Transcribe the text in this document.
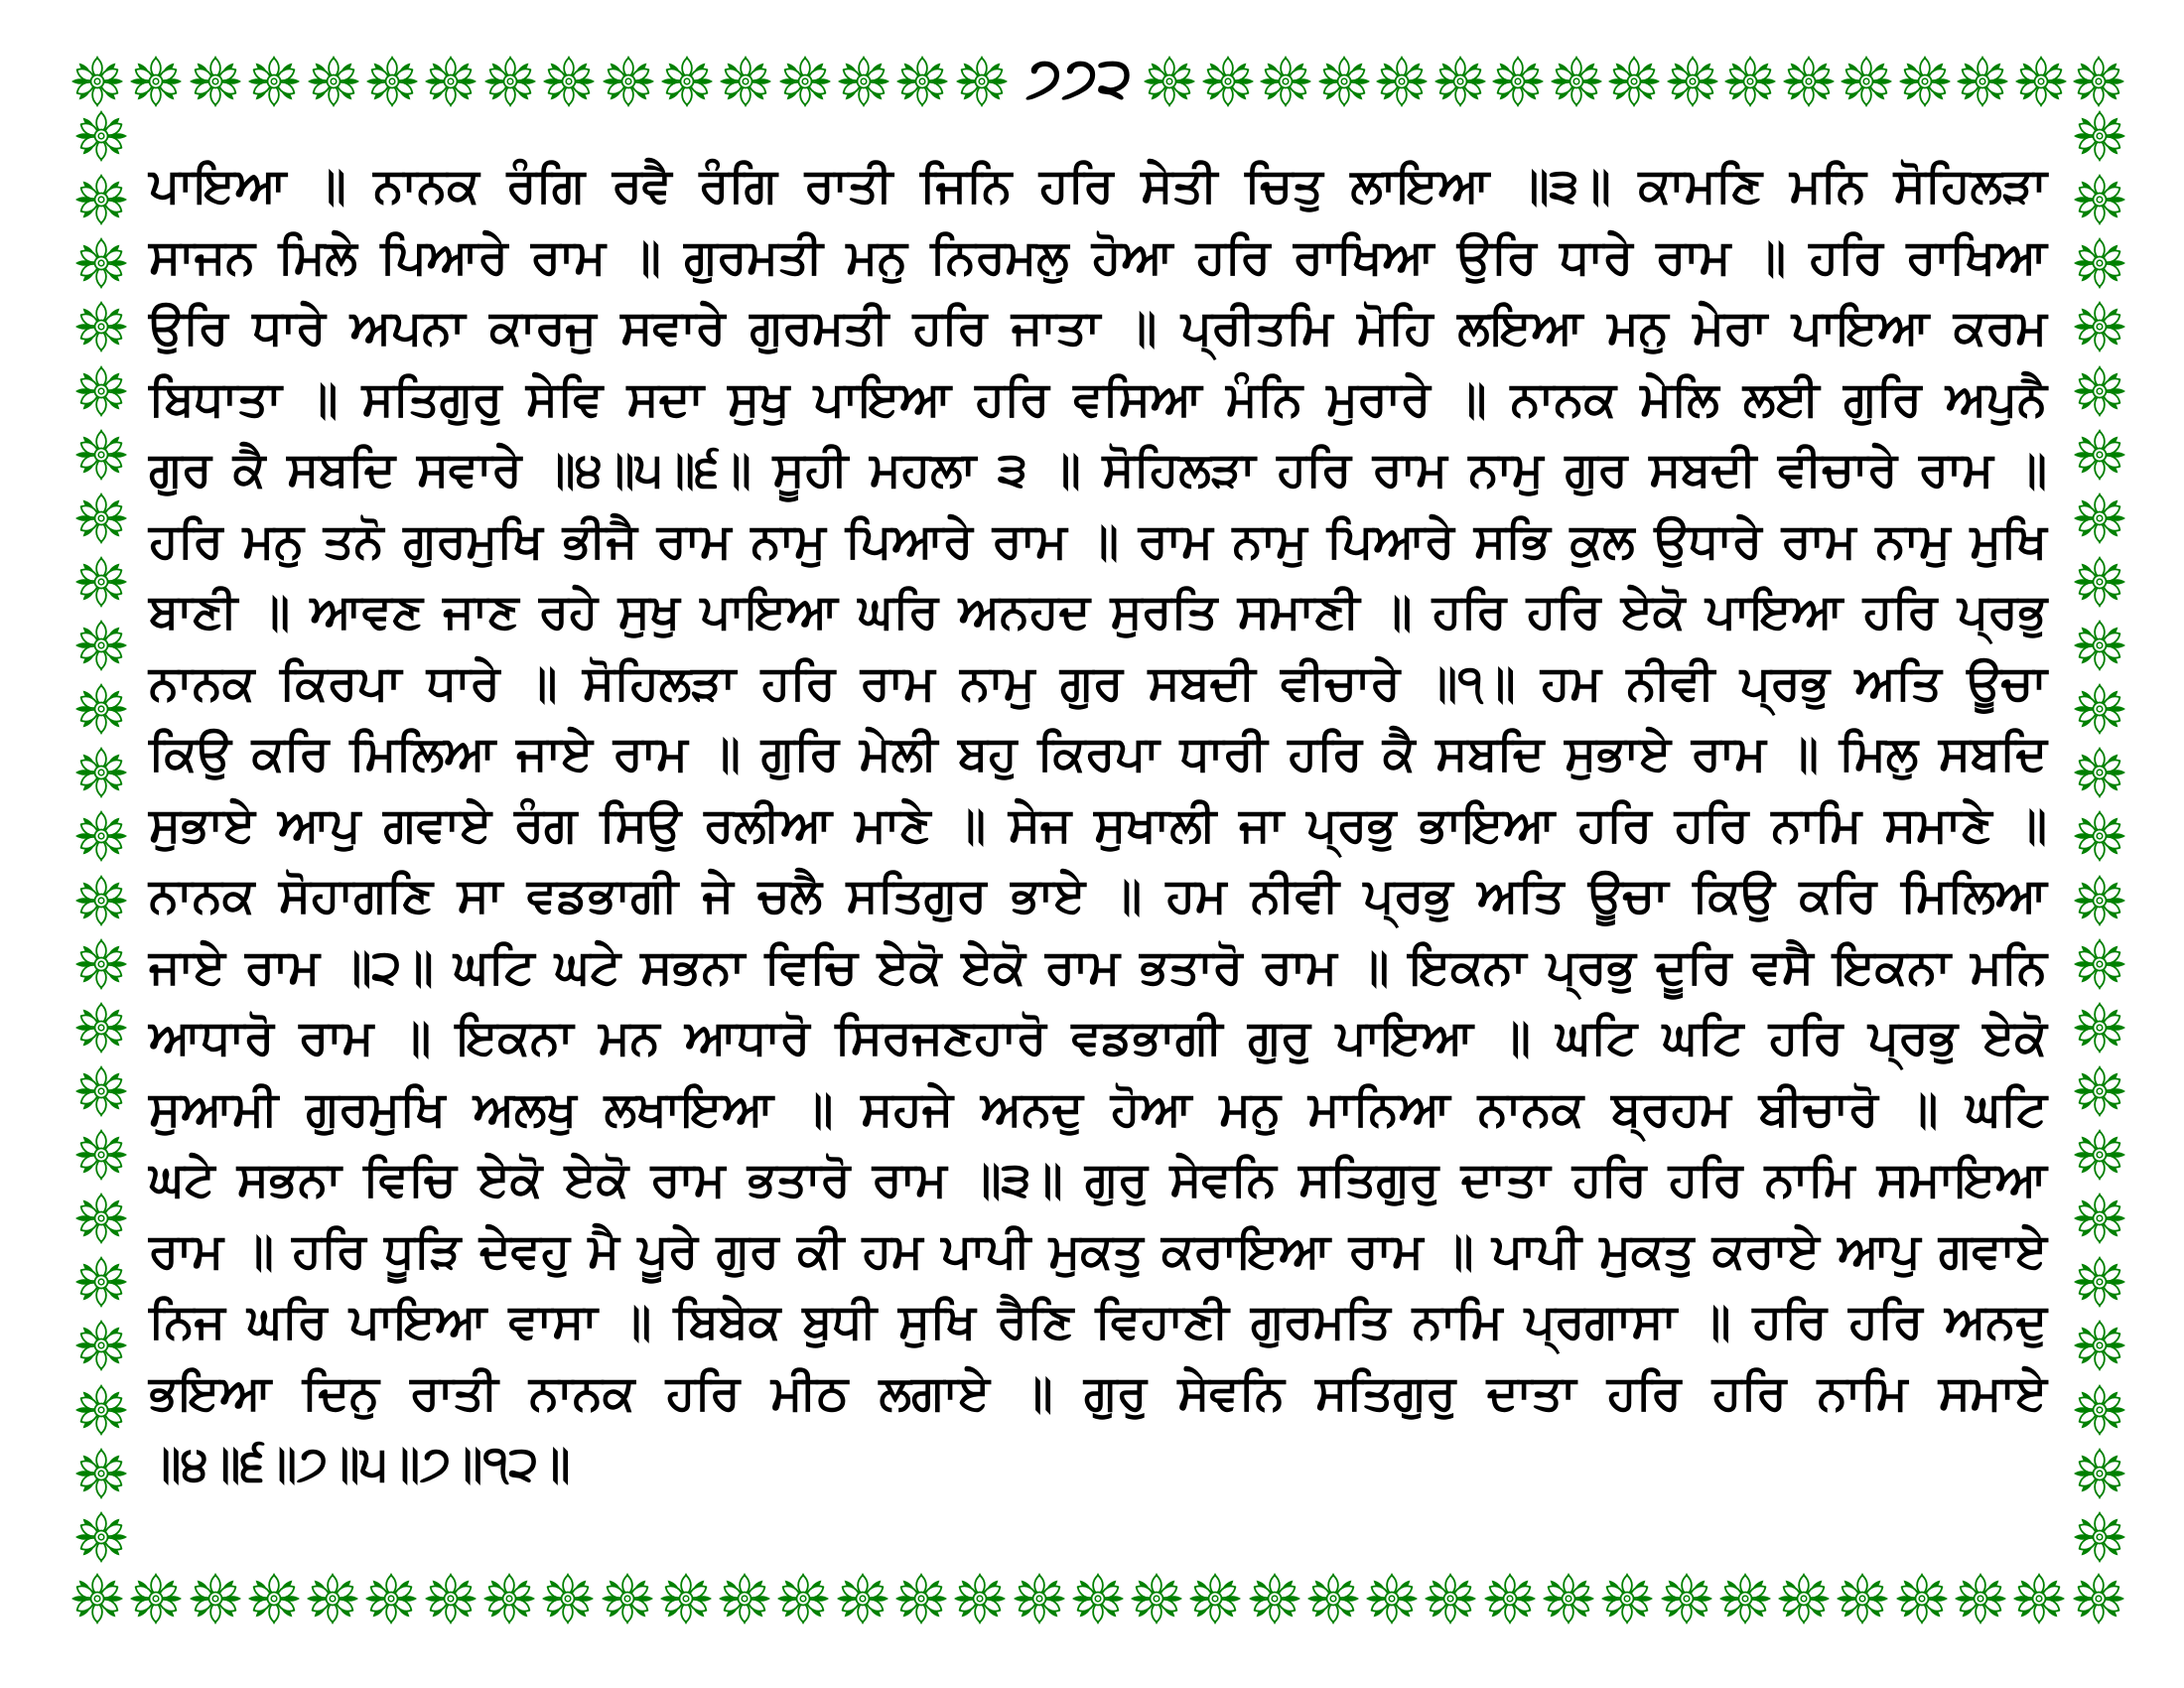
੭੭੨
ਪਾਇਆ ॥ ਨਾਨਕ ਰੰਗਿ ਰਵੈ ਰੰਗਿ ਰਾਤੀ ਜਿਨਿ ਹਰਿ ਸੇਤੀ ਚਿਤੁ ਲਾਇਆ ॥੩॥ ਕਾਮਣਿ ਮਨਿ ਸੋਹਿਲੜਾ
ਸਾਜਨ ਮਿਲੇ ਪਿਆਰੇ ਰਾਮ ॥ ਗੁਰਮਤੀ ਮਨੁ ਨਿਰਮਲੁ ਹੋਆ ਹਰਿ ਰਾਖਿਆ ਉਰਿ ਧਾਰੇ ਰਾਮ ॥ ਹਰਿ ਰਾਖਿਆ
ਉਰਿ ਧਾਰੇ ਅਪਨਾ ਕਾਰਜੁ ਸਵਾਰੇ ਗੁਰਮਤੀ ਹਰਿ ਜਾਤਾ ॥ ਪ੍ਰੀਤਮਿ ਮੋਹਿ ਲਇਆ ਮਨੁ ਮੇਰਾ ਪਾਇਆ ਕਰਮ
ਬਿਧਾਤਾ ॥ ਸਤਿਗੁਰੁ ਸੇਵਿ ਸਦਾ ਸੁਖੁ ਪਾਇਆ ਹਰਿ ਵਸਿਆ ਮੰਨਿ ਮੁਰਾਰੇ ॥ ਨਾਨਕ ਮੇਲਿ ਲਈ ਗੁਰਿ ਅਪੁਨੈ
ਗੁਰ ਕੈ ਸਬਦਿ ਸਵਾਰੇ ॥੪॥੫॥੬॥ ਸੂਹੀ ਮਹਲਾ ੩ ॥ ਸੋਹਿਲੜਾ ਹਰਿ ਰਾਮ ਨਾਮੁ ਗੁਰ ਸਬਦੀ ਵੀਚਾਰੇ ਰਾਮ ॥
ਹਰਿ ਮਨੁ ਤਨੋ ਗੁਰਮੁਖਿ ਭੀਜੈ ਰਾਮ ਨਾਮੁ ਪਿਆਰੇ ਰਾਮ ॥ ਰਾਮ ਨਾਮੁ ਪਿਆਰੇ ਸਭਿ ਕੁਲ ਉਧਾਰੇ ਰਾਮ ਨਾਮੁ ਮੁਖਿ
ਬਾਣੀ ॥ ਆਵਣ ਜਾਣ ਰਹੇ ਸੁਖੁ ਪਾਇਆ ਘਰਿ ਅਨਹਦ ਸੁਰਤਿ ਸਮਾਣੀ ॥ ਹਰਿ ਹਰਿ ਏਕੋ ਪਾਇਆ ਹਰਿ ਪ੍ਰਭੁ
ਨਾਨਕ ਕਿਰਪਾ ਧਾਰੇ ॥ ਸੋਹਿਲੜਾ ਹਰਿ ਰਾਮ ਨਾਮੁ ਗੁਰ ਸਬਦੀ ਵੀਚਾਰੇ ॥੧॥ ਹਮ ਨੀਵੀ ਪ੍ਰਭੁ ਅਤਿ ਊਚਾ
ਕਿਉ ਕਰਿ ਮਿਲਿਆ ਜਾਏ ਰਾਮ ॥ ਗੁਰਿ ਮੇਲੀ ਬਹੁ ਕਿਰਪਾ ਧਾਰੀ ਹਰਿ ਕੈ ਸਬਦਿ ਸੁਭਾਏ ਰਾਮ ॥ ਮਿਲੁ ਸਬਦਿ
ਸੁਭਾਏ ਆਪੁ ਗਵਾਏ ਰੰਗ ਸਿਉ ਰਲੀਆ ਮਾਣੇ ॥ ਸੇਜ ਸੁਖਾਲੀ ਜਾ ਪ੍ਰਭੁ ਭਾਇਆ ਹਰਿ ਹਰਿ ਨਾਮਿ ਸਮਾਣੇ ॥
ਨਾਨਕ ਸੋਹਾਗਣਿ ਸਾ ਵਡਭਾਗੀ ਜੇ ਚਲੈ ਸਤਿਗੁਰ ਭਾਏ ॥ ਹਮ ਨੀਵੀ ਪ੍ਰਭੁ ਅਤਿ ਊਚਾ ਕਿਉ ਕਰਿ ਮਿਲਿਆ
ਜਾਏ ਰਾਮ ॥੨॥ ਘਟਿ ਘਟੇ ਸਭਨਾ ਵਿਚਿ ਏਕੋ ਏਕੋ ਰਾਮ ਭਤਾਰੋ ਰਾਮ ॥ ਇਕਨਾ ਪ੍ਰਭੁ ਦੂਰਿ ਵਸੈ ਇਕਨਾ ਮਨਿ
ਆਧਾਰੋ ਰਾਮ ॥ ਇਕਨਾ ਮਨ ਆਧਾਰੋ ਸਿਰਜਣਹਾਰੋ ਵਡਭਾਗੀ ਗੁਰੁ ਪਾਇਆ ॥ ਘਟਿ ਘਟਿ ਹਰਿ ਪ੍ਰਭੁ ਏਕੋ
ਸੁਆਮੀ ਗੁਰਮੁਖਿ ਅਲਖੁ ਲਖਾਇਆ ॥ ਸਹਜੇ ਅਨਦੁ ਹੋਆ ਮਨੁ ਮਾਨਿਆ ਨਾਨਕ ਬ੍ਰਹਮ ਬੀਚਾਰੋ ॥ ਘਟਿ
ਘਟੇ ਸਭਨਾ ਵਿਚਿ ਏਕੋ ਏਕੋ ਰਾਮ ਭਤਾਰੋ ਰਾਮ ॥੩॥ ਗੁਰੁ ਸੇਵਨਿ ਸਤਿਗੁਰੁ ਦਾਤਾ ਹਰਿ ਹਰਿ ਨਾਮਿ ਸਮਾਇਆ
ਰਾਮ ॥ ਹਰਿ ਧੂੜਿ ਦੇਵਹੁ ਮੈ ਪੂਰੇ ਗੁਰ ਕੀ ਹਮ ਪਾਪੀ ਮੁਕਤੁ ਕਰਾਇਆ ਰਾਮ ॥ ਪਾਪੀ ਮੁਕਤੁ ਕਰਾਏ ਆਪੁ ਗਵਾਏ
ਨਿਜ ਘਰਿ ਪਾਇਆ ਵਾਸਾ ॥ ਬਿਬੇਕ ਬੁਧੀ ਸੁਖਿ ਰੈਣਿ ਵਿਹਾਣੀ ਗੁਰਮਤਿ ਨਾਮਿ ਪ੍ਰਗਾਸਾ ॥ ਹਰਿ ਹਰਿ ਅਨਦੁ
ਭਇਆ ਦਿਨੁ ਰਾਤੀ ਨਾਨਕ ਹਰਿ ਮੀਠ ਲਗਾਏ ॥ ਗੁਰੁ ਸੇਵਨਿ ਸਤਿਗੁਰੁ ਦਾਤਾ ਹਰਿ ਹਰਿ ਨਾਮਿ ਸਮਾਏ
॥੪॥੬॥੭॥੫॥੭॥੧੨॥
